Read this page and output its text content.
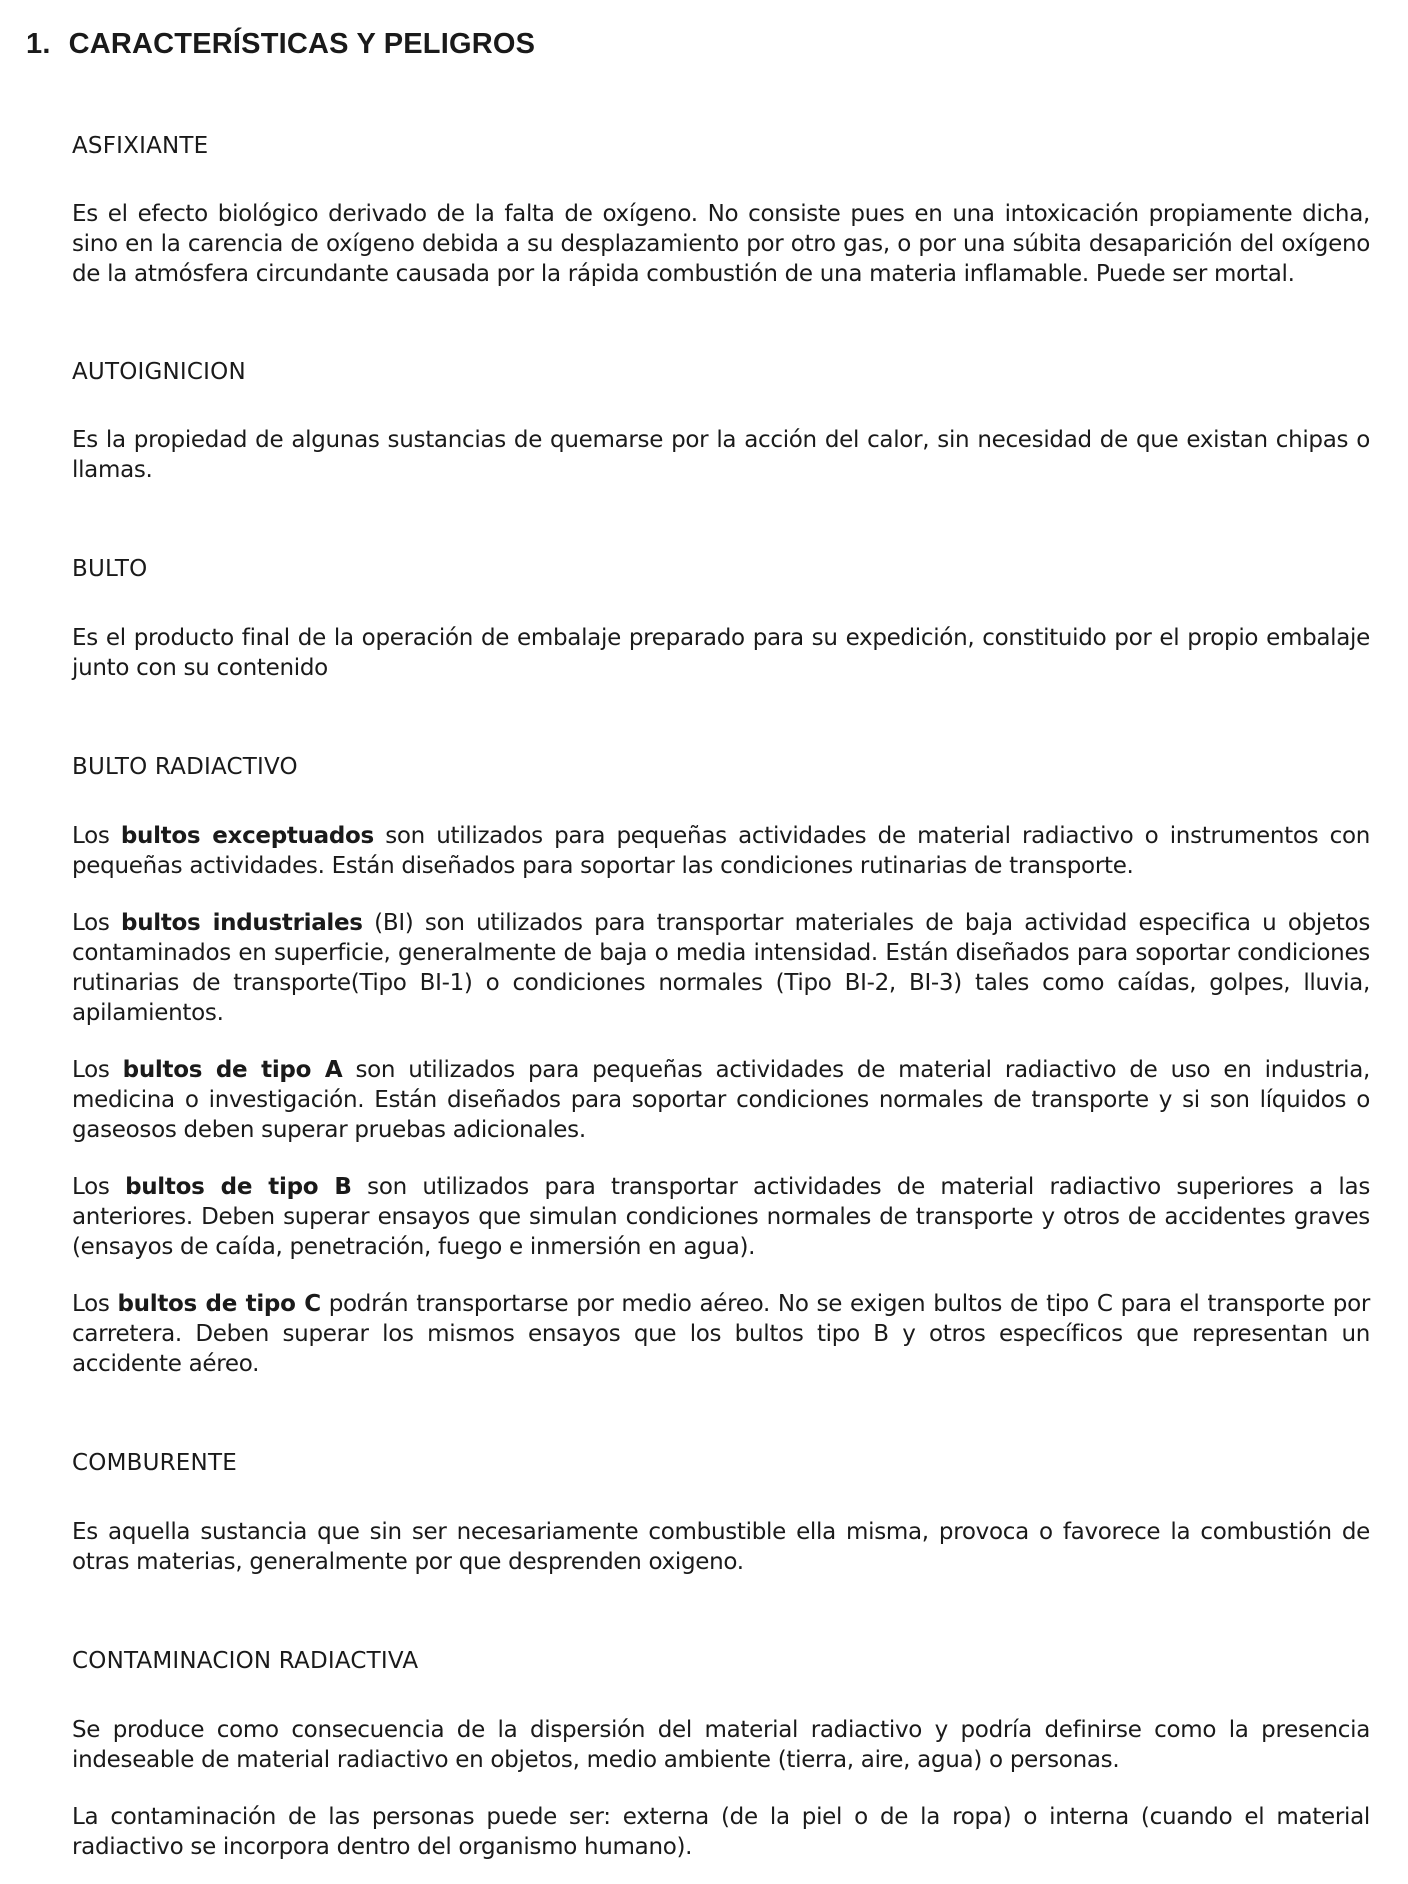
1. CARACTERÍSTICAS Y PELIGROS

ASFIXIANTE

Es el efecto biológico derivado de la falta de oxígeno. No consiste pues en una intoxicación propiamente dicha, sino en la carencia de oxígeno debida a su desplazamiento por otro gas, o por una súbita desaparición del oxígeno de la atmósfera circundante causada por la rápida combustión de una materia inflamable. Puede ser mortal.

AUTOIGNICION

Es la propiedad de algunas sustancias de quemarse por la acción del calor, sin necesidad de que existan chipas o llamas.

BULTO

Es el producto final de la operación de embalaje preparado para su expedición, constituido por el propio embalaje junto con su contenido

BULTO RADIACTIVO

Los bultos exceptuados son utilizados para pequeñas actividades de material radiactivo o instrumentos con pequeñas actividades. Están diseñados para soportar las condiciones rutinarias de transporte.

Los bultos industriales (BI) son utilizados para transportar materiales de baja actividad especifica u objetos contaminados en superficie, generalmente de baja o media intensidad. Están diseñados para soportar condiciones rutinarias de transporte(Tipo BI-1) o condiciones normales (Tipo BI-2, BI-3) tales como caídas, golpes, lluvia, apilamientos.

Los bultos de tipo A son utilizados para pequeñas actividades de material radiactivo de uso en industria, medicina o investigación. Están diseñados para soportar condiciones normales de transporte y si son líquidos o gaseosos deben superar pruebas adicionales.

Los bultos de tipo B son utilizados para transportar actividades de material radiactivo superiores a las anteriores. Deben superar ensayos que simulan condiciones normales de transporte y otros de accidentes graves (ensayos de caída, penetración, fuego e inmersión en agua).

Los bultos de tipo C podrán transportarse por medio aéreo. No se exigen bultos de tipo C para el transporte por carretera. Deben superar los mismos ensayos que los bultos tipo B y otros específicos que representan un accidente aéreo.

COMBURENTE

Es aquella sustancia que sin ser necesariamente combustible ella misma, provoca o favorece la combustión de otras materias, generalmente por que desprenden oxigeno.

CONTAMINACION RADIACTIVA

Se produce como consecuencia de la dispersión del material radiactivo y podría definirse como la presencia indeseable de material radiactivo en objetos, medio ambiente (tierra, aire, agua) o personas.

La contaminación de las personas puede ser: externa (de la piel o de la ropa) o interna (cuando el material radiactivo se incorpora dentro del organismo humano).
